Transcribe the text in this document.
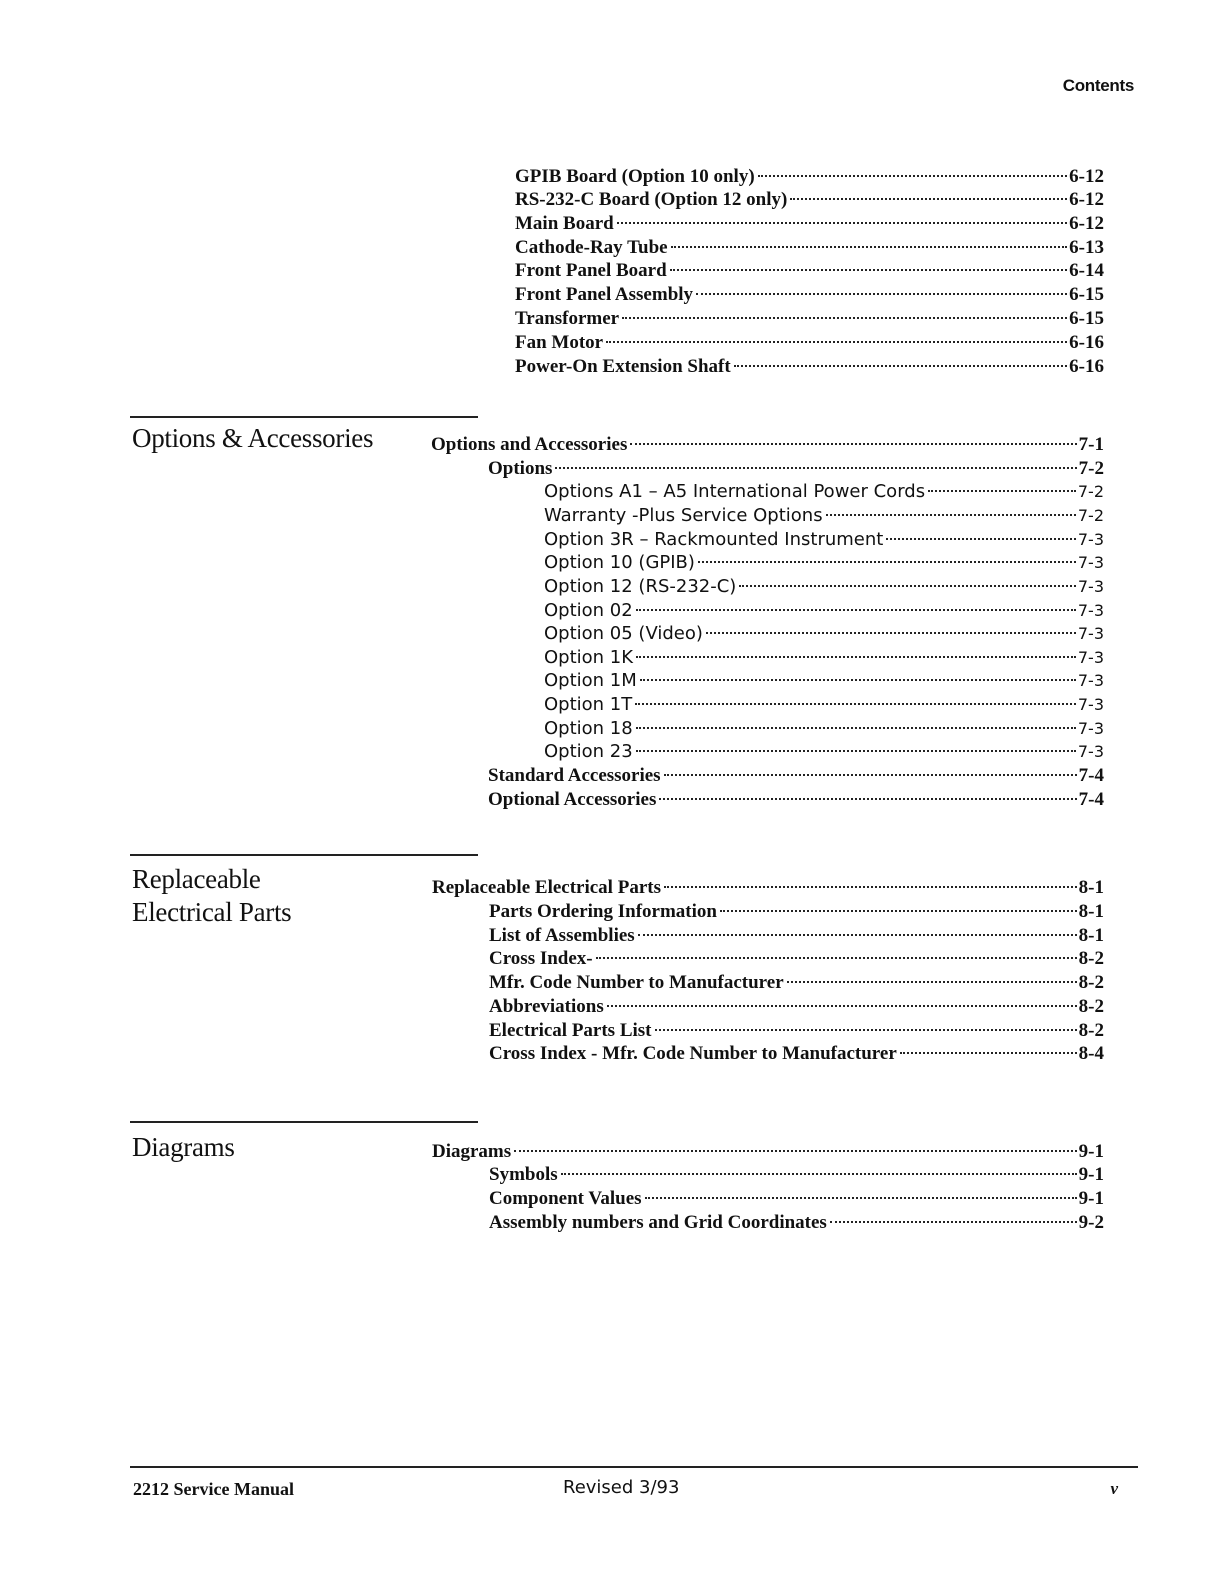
Contents
GPIB Board (Option 10 only)	6-12
RS-232-C Board (Option 12 only)	6-12
Main Board	6-12
Cathode-Ray Tube	6-13
Front Panel Board	6-14
Front Panel Assembly	6-15
Transformer	6-15
Fan Motor	6-16
Power-On Extension Shaft	6-16
Options & Accessories	Options and Accessories	7-1
Options	7-2
Options A1 – A5 International Power Cords	7-2
Warranty -Plus Service Options	7-2
Option 3R – Rackmounted Instrument	7-3
Option 10 (GPIB)	7-3
Option 12 (RS-232-C)	7-3
Option 02	7-3
Option 05 (Video)	7-3
Option 1K	7-3
Option 1M	7-3
Option 1T	7-3
Option 18	7-3
Option 23	7-3
Standard Accessories	7-4
Optional Accessories	7-4
Replaceable
Electrical Parts
Replaceable Electrical Parts	8-1
Parts Ordering Information	8-1
List of Assemblies	8-1
Cross Index-	8-2
Mfr. Code Number to Manufacturer	8-2
Abbreviations	8-2
Electrical Parts List	8-2
Cross Index - Mfr. Code Number to Manufacturer	8-4
Diagrams	Diagrams	9-1
Symbols	9-1
Component Values	9-1
Assembly numbers and Grid Coordinates	9-2
2212 Service Manual	Revised 3/93	v
